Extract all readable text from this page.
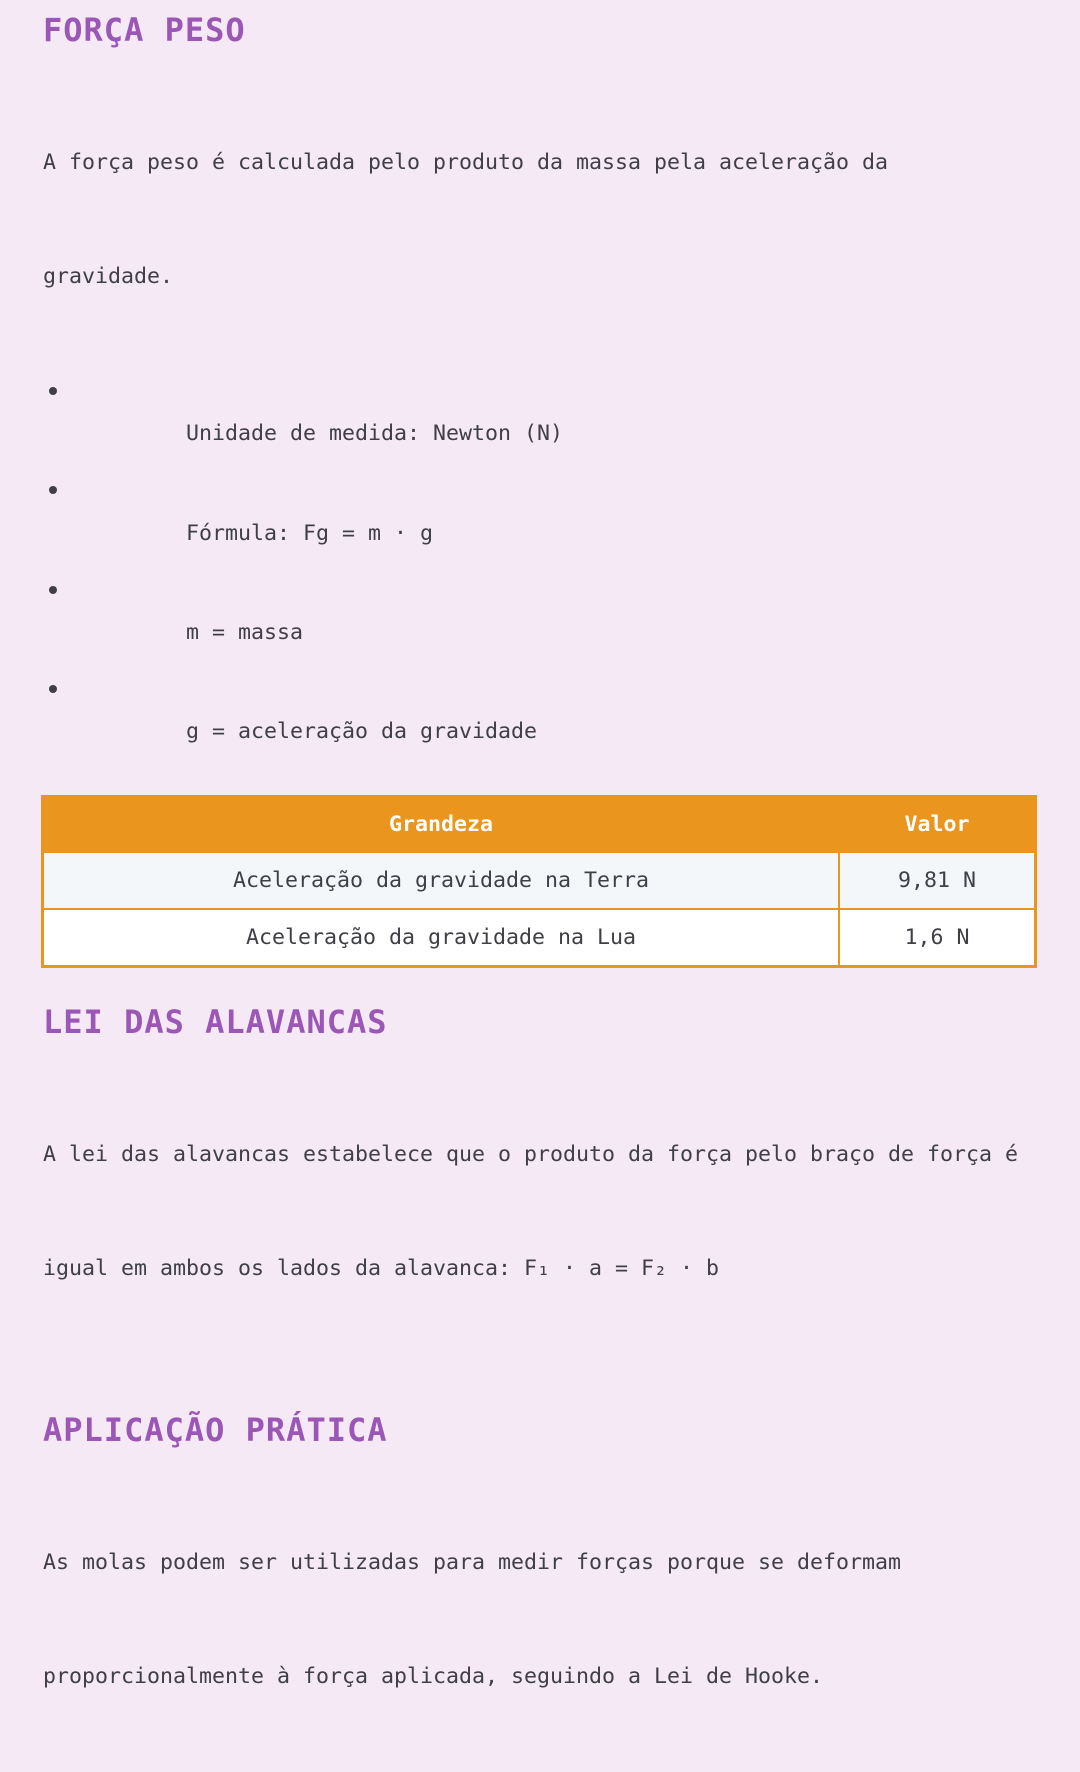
FORÇA PESO

A força peso é calculada pelo produto da massa pela aceleração da

gravidade.

Unidade de medida: Newton (N)

Fórmula: Fg = m · g

m = massa

g = aceleração da gravidade

Grandeza	Valor
Aceleração da gravidade na Terra	9,81 N
Aceleração da gravidade na Lua	1,6 N
LEI DAS ALAVANCAS

A lei das alavancas estabelece que o produto da força pelo braço de força é

igual em ambos os lados da alavanca: F₁ · a = F₂ · b

APLICAÇÃO PRÁTICA

As molas podem ser utilizadas para medir forças porque se deformam

proporcionalmente à força aplicada, seguindo a Lei de Hooke.
